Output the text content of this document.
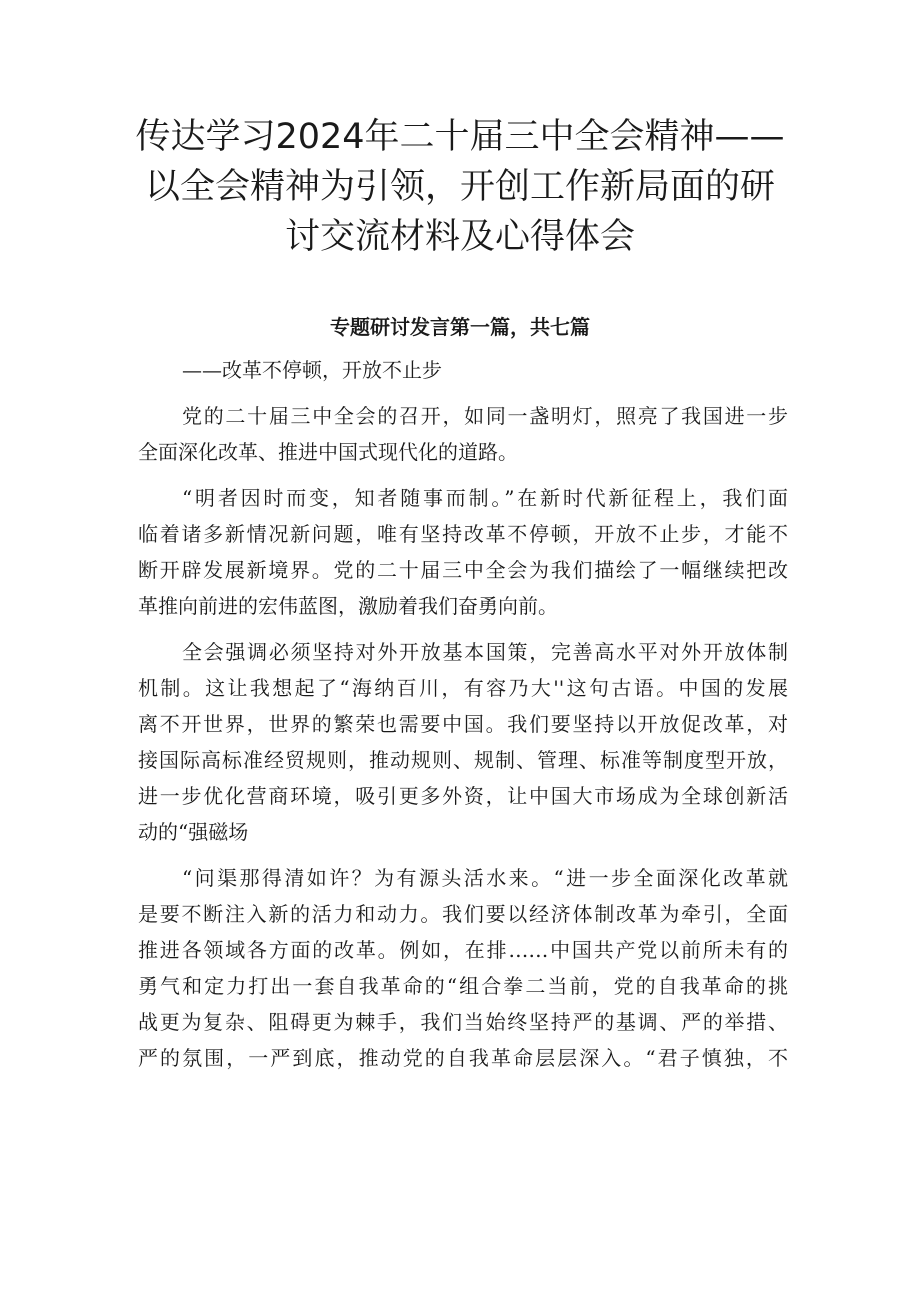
传达学习2024年二十届三中全会精神——
以全会精神为引领，开创工作新局面的研
讨交流材料及心得体会
专题研讨发言第一篇，共七篇
——改革不停顿，开放不止步
党的二十届三中全会的召开，如同一盏明灯，照亮了我国进一步
全面深化改革、推进中国式现代化的道路。
“明者因时而变，知者随事而制。”在新时代新征程上，我们面
临着诸多新情况新问题，唯有坚持改革不停顿，开放不止步，才能不
断开辟发展新境界。党的二十届三中全会为我们描绘了一幅继续把改
革推向前进的宏伟蓝图，激励着我们奋勇向前。
全会强调必须坚持对外开放基本国策，完善高水平对外开放体制
机制。这让我想起了“海纳百川，有容乃大''这句古语。中国的发展
离不开世界，世界的繁荣也需要中国。我们要坚持以开放促改革，对
接国际高标准经贸规则，推动规则、规制、管理、标准等制度型开放，
进一步优化营商环境，吸引更多外资，让中国大市场成为全球创新活
动的“强磁场
“问渠那得清如许？为有源头活水来。“进一步全面深化改革就
是要不断注入新的活力和动力。我们要以经济体制改革为牵引，全面
推进各领域各方面的改革。例如，在排……中国共产党以前所未有的
勇气和定力打出一套自我革命的“组合拳二当前，党的自我革命的挑
战更为复杂、阻碍更为棘手，我们当始终坚持严的基调、严的举措、
严的氛围，一严到底，推动党的自我革命层层深入。“君子慎独，不
